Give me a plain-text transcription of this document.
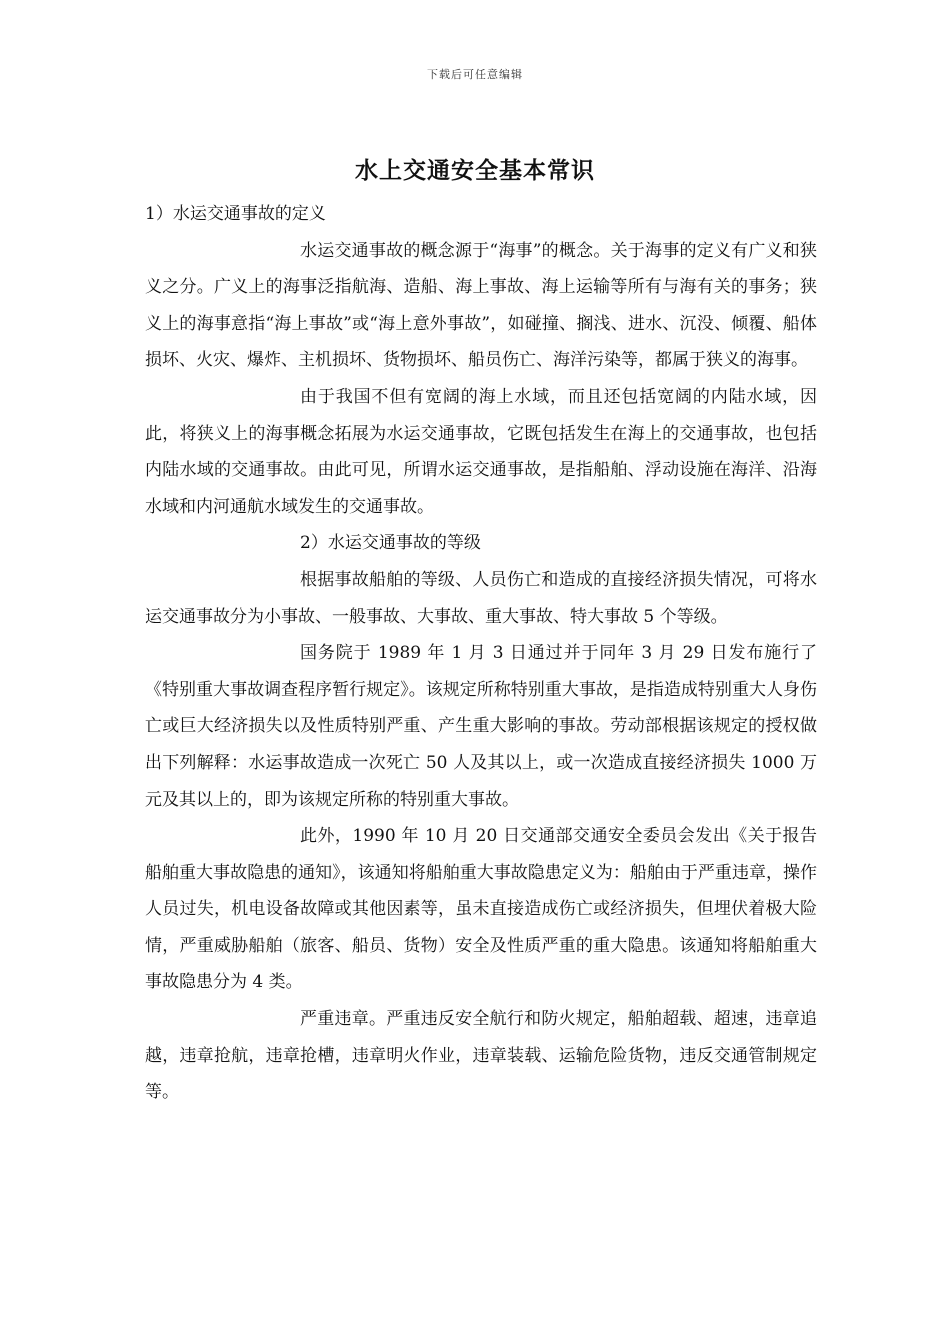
下载后可任意编辑
水上交通安全基本常识

1）水运交通事故的定义

水运交通事故的概念源于“海事”的概念。关于海事的定义有广义和狭义之分。广义上的海事泛指航海、造船、海上事故、海上运输等所有与海有关的事务；狭义上的海事意指“海上事故”或“海上意外事故”，如碰撞、搁浅、进水、沉没、倾覆、船体损坏、火灾、爆炸、主机损坏、货物损坏、船员伤亡、海洋污染等，都属于狭义的海事。

由于我国不但有宽阔的海上水域，而且还包括宽阔的内陆水域，因此，将狭义上的海事概念拓展为水运交通事故，它既包括发生在海上的交通事故，也包括内陆水域的交通事故。由此可见，所谓水运交通事故，是指船舶、浮动设施在海洋、沿海水域和内河通航水域发生的交通事故。

2）水运交通事故的等级

根据事故船舶的等级、人员伤亡和造成的直接经济损失情况，可将水运交通事故分为小事故、一般事故、大事故、重大事故、特大事故 5 个等级。

国务院于 1989 年 1 月 3 日通过并于同年 3 月 29 日发布施行了《特别重大事故调查程序暂行规定》。该规定所称特别重大事故，是指造成特别重大人身伤亡或巨大经济损失以及性质特别严重、产生重大影响的事故。劳动部根据该规定的授权做出下列解释：水运事故造成一次死亡 50 人及其以上，或一次造成直接经济损失 1000 万元及其以上的，即为该规定所称的特别重大事故。

此外，1990 年 10 月 20 日交通部交通安全委员会发出《关于报告船舶重大事故隐患的通知》，该通知将船舶重大事故隐患定义为：船舶由于严重违章，操作人员过失，机电设备故障或其他因素等，虽未直接造成伤亡或经济损失，但埋伏着极大险情，严重威胁船舶（旅客、船员、货物）安全及性质严重的重大隐患。该通知将船舶重大事故隐患分为 4 类。

严重违章。严重违反安全航行和防火规定，船舶超载、超速，违章追越，违章抢航，违章抢槽，违章明火作业，违章装载、运输危险货物，违反交通管制规定等。
